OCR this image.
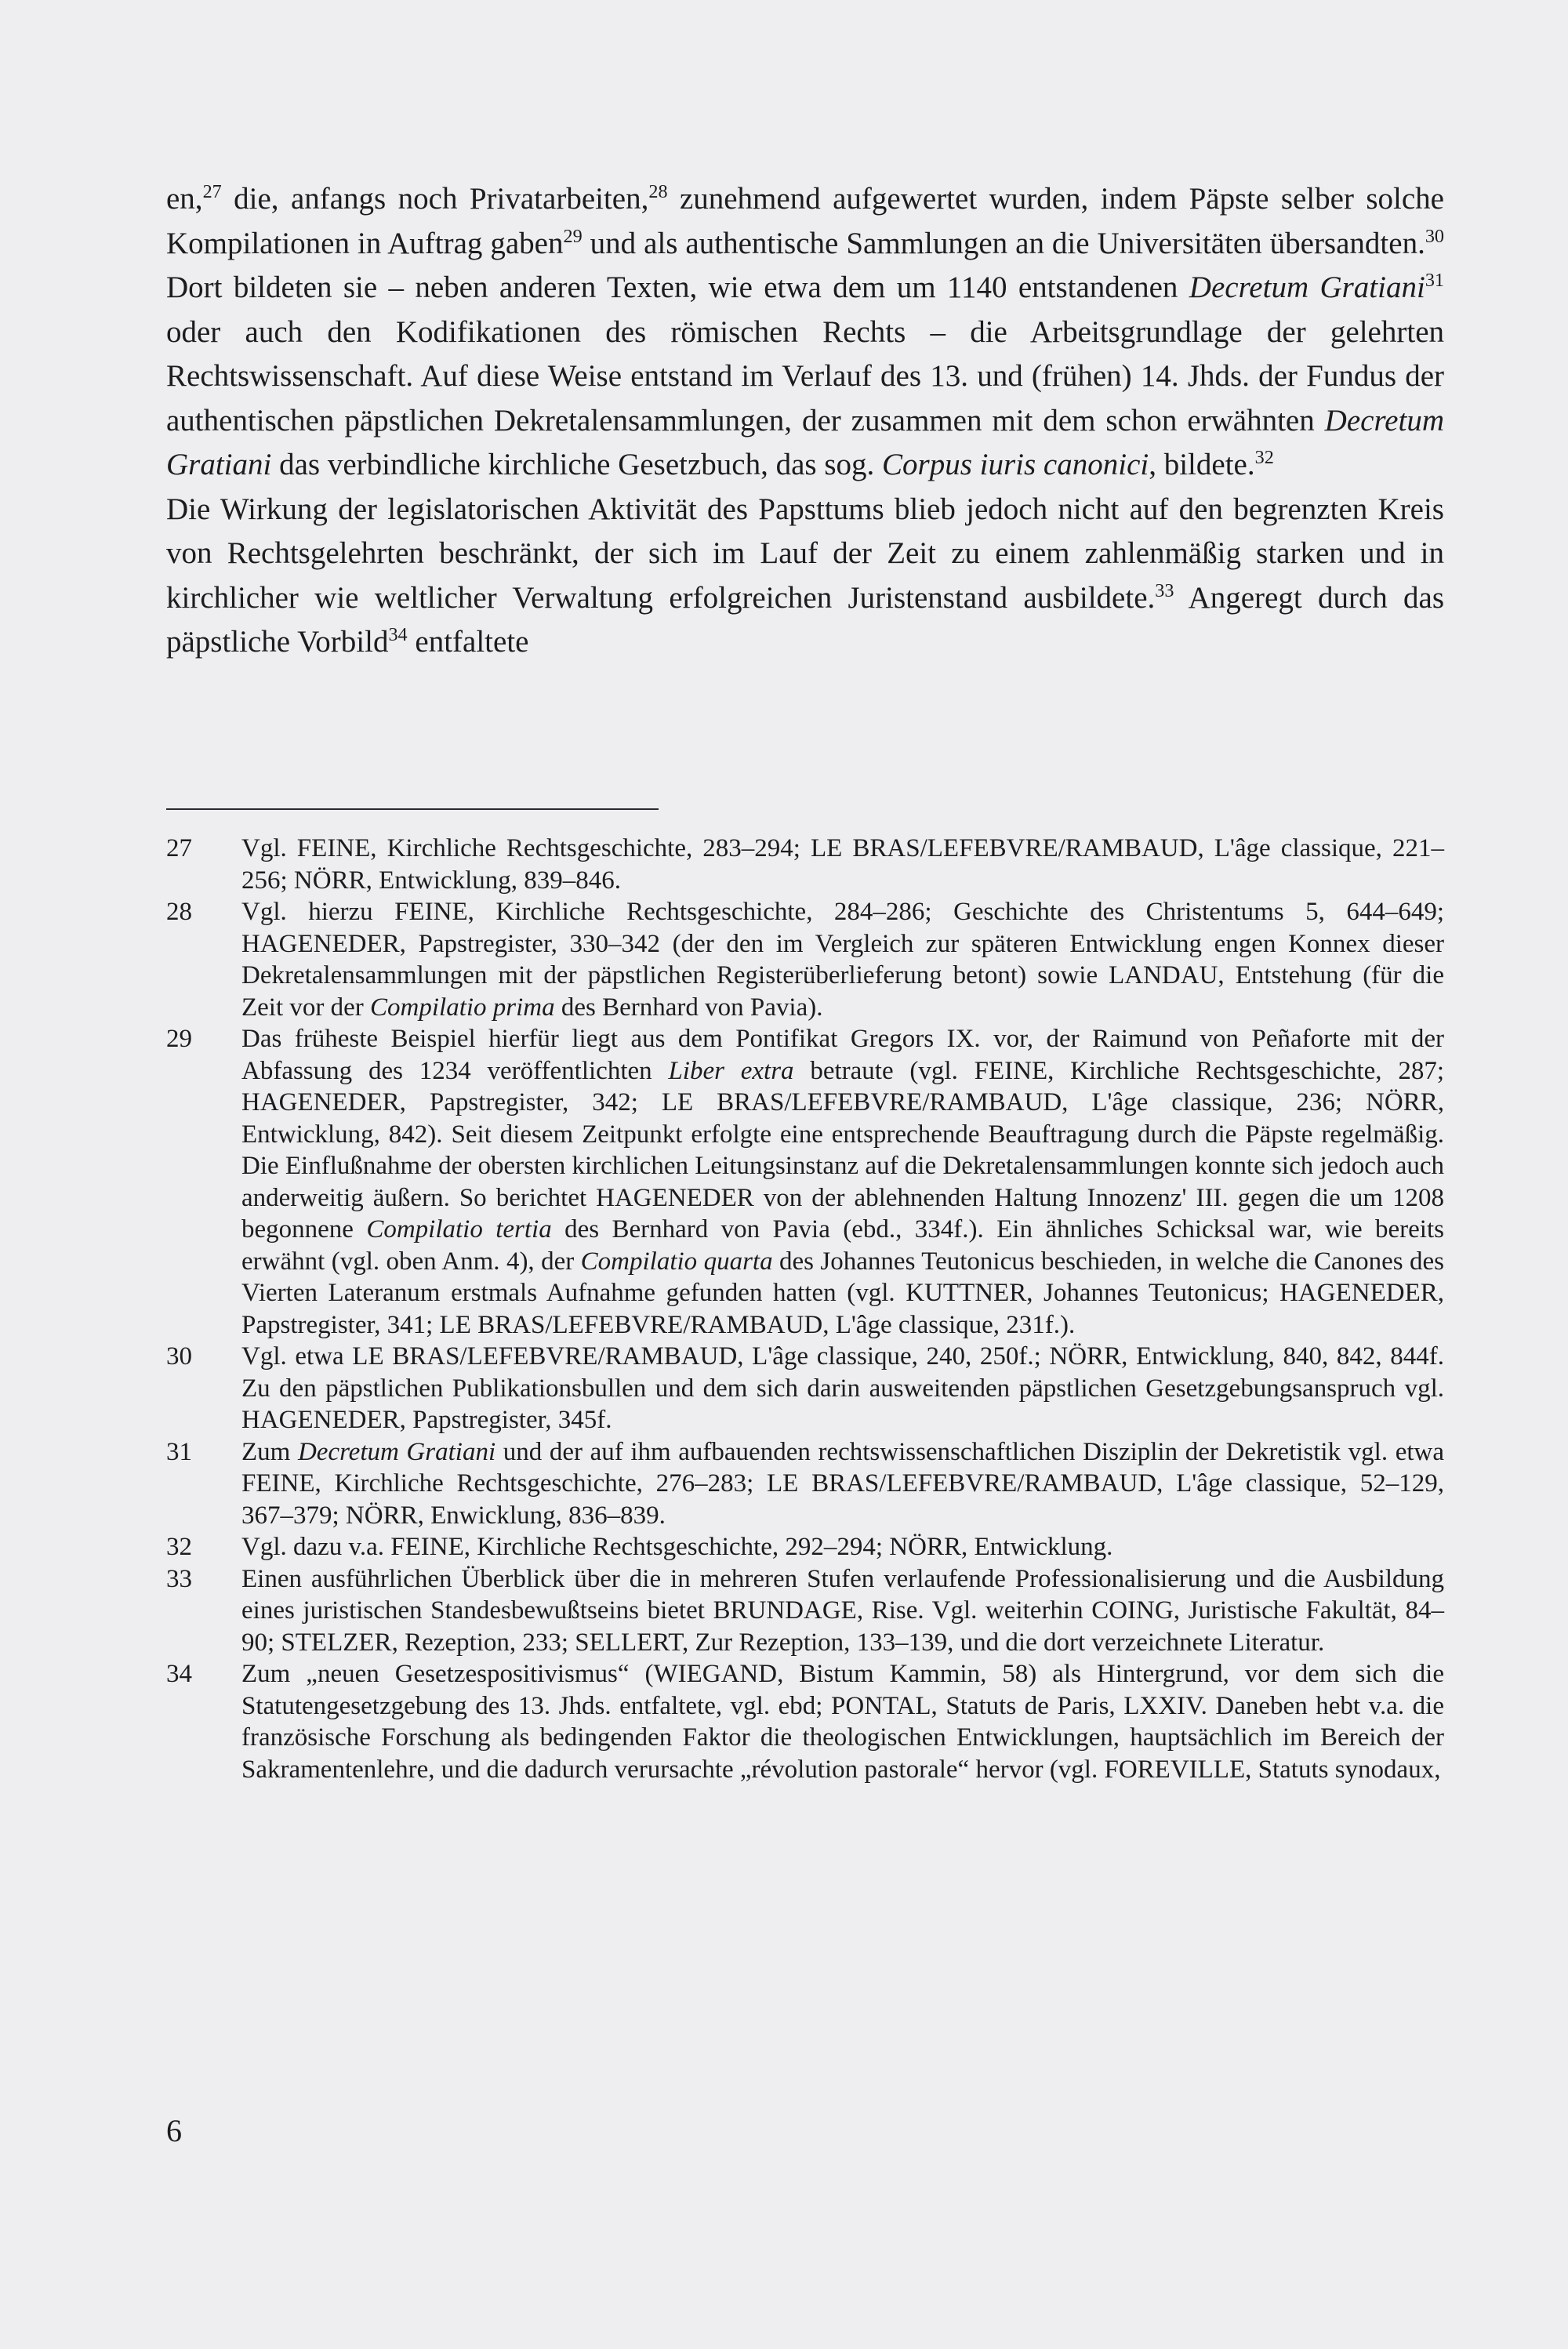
en,$^{27}$ die, anfangs noch Privatarbeiten,$^{28}$ zunehmend aufgewertet wurden, indem Päpste selber solche Kompilationen in Auftrag gaben$^{29}$ und als authentische Sammlungen an die Universitäten übersandten.$^{30}$ Dort bildeten sie – neben anderen Texten, wie etwa dem um 1140 entstandenen Decretum Gratiani$^{31}$ oder auch den Kodifikationen des römischen Rechts – die Arbeitsgrundlage der gelehrten Rechtswissenschaft. Auf diese Weise entstand im Verlauf des 13. und (frühen) 14. Jhds. der Fundus der authentischen päpstlichen Dekretalensammlungen, der zusammen mit dem schon erwähnten Decretum Gratiani das verbindliche kirchliche Gesetzbuch, das sog. Corpus iuris canonici, bildete.$^{32}$

Die Wirkung der legislatorischen Aktivität des Papsttums blieb jedoch nicht auf den begrenzten Kreis von Rechtsgelehrten beschränkt, der sich im Lauf der Zeit zu einem zahlenmäßig starken und in kirchlicher wie weltlicher Verwaltung erfolgreichen Juristenstand ausbildete.$^{33}$ Angeregt durch das päpstliche Vorbild$^{34}$ entfaltete

27 Vgl. FEINE, Kirchliche Rechtsgeschichte, 283–294; LE BRAS/LEFEBVRE/RAMBAUD, L'âge classique, 221–256; NÖRR, Entwicklung, 839–846.
28 Vgl. hierzu FEINE, Kirchliche Rechtsgeschichte, 284–286; Geschichte des Christentums 5, 644–649; HAGENEDER, Papstregister, 330–342 (der den im Vergleich zur späteren Entwicklung engen Konnex dieser Dekretalensammlungen mit der päpstlichen Registerüberlieferung betont) sowie LANDAU, Entstehung (für die Zeit vor der Compilatio prima des Bernhard von Pavia).
29 Das früheste Beispiel hierfür liegt aus dem Pontifikat Gregors IX. vor, der Raimund von Peñaforte mit der Abfassung des 1234 veröffentlichten Liber extra betraute (vgl. FEINE, Kirchliche Rechtsgeschichte, 287; HAGENEDER, Papstregister, 342; LE BRAS/LEFEBVRE/RAMBAUD, L'âge classique, 236; NÖRR, Entwicklung, 842). Seit diesem Zeitpunkt erfolgte eine entsprechende Beauftragung durch die Päpste regelmäßig. Die Einflußnahme der obersten kirchlichen Leitungsinstanz auf die Dekretalensammlungen konnte sich jedoch auch anderweitig äußern. So berichtet HAGENEDER von der ablehnenden Haltung Innozenz' III. gegen die um 1208 begonnene Compilatio tertia des Bernhard von Pavia (ebd., 334f.). Ein ähnliches Schicksal war, wie bereits erwähnt (vgl. oben Anm. 4), der Compilatio quarta des Johannes Teutonicus beschieden, in welche die Canones des Vierten Lateranum erstmals Aufnahme gefunden hatten (vgl. KUTTNER, Johannes Teutonicus; HAGENEDER, Papstregister, 341; LE BRAS/LEFEBVRE/RAMBAUD, L'âge classique, 231f.).
30 Vgl. etwa LE BRAS/LEFEBVRE/RAMBAUD, L'âge classique, 240, 250f.; NÖRR, Entwicklung, 840, 842, 844f. Zu den päpstlichen Publikationsbullen und dem sich darin ausweitenden päpstlichen Gesetzgebungsanspruch vgl. HAGENEDER, Papstregister, 345f.
31 Zum Decretum Gratiani und der auf ihm aufbauenden rechtswissenschaftlichen Disziplin der Dekretistik vgl. etwa FEINE, Kirchliche Rechtsgeschichte, 276–283; LE BRAS/LEFEBVRE/RAMBAUD, L'âge classique, 52–129, 367–379; NÖRR, Enwicklung, 836–839.
32 Vgl. dazu v.a. FEINE, Kirchliche Rechtsgeschichte, 292–294; NÖRR, Entwicklung.
33 Einen ausführlichen Überblick über die in mehreren Stufen verlaufende Professionalisierung und die Ausbildung eines juristischen Standesbewußtseins bietet BRUNDAGE, Rise. Vgl. weiterhin COING, Juristische Fakultät, 84–90; STELZER, Rezeption, 233; SELLERT, Zur Rezeption, 133–139, und die dort verzeichnete Literatur.
34 Zum „neuen Gesetzespositivismus“ (WIEGAND, Bistum Kammin, 58) als Hintergrund, vor dem sich die Statutengesetzgebung des 13. Jhds. entfaltete, vgl. ebd; PONTAL, Statuts de Paris, LXXIV. Daneben hebt v.a. die französische Forschung als bedingenden Faktor die theologischen Entwicklungen, hauptsächlich im Bereich der Sakramentenlehre, und die dadurch verursachte „révolution pastorale“ hervor (vgl. FOREVILLE, Statuts synodaux,
6
